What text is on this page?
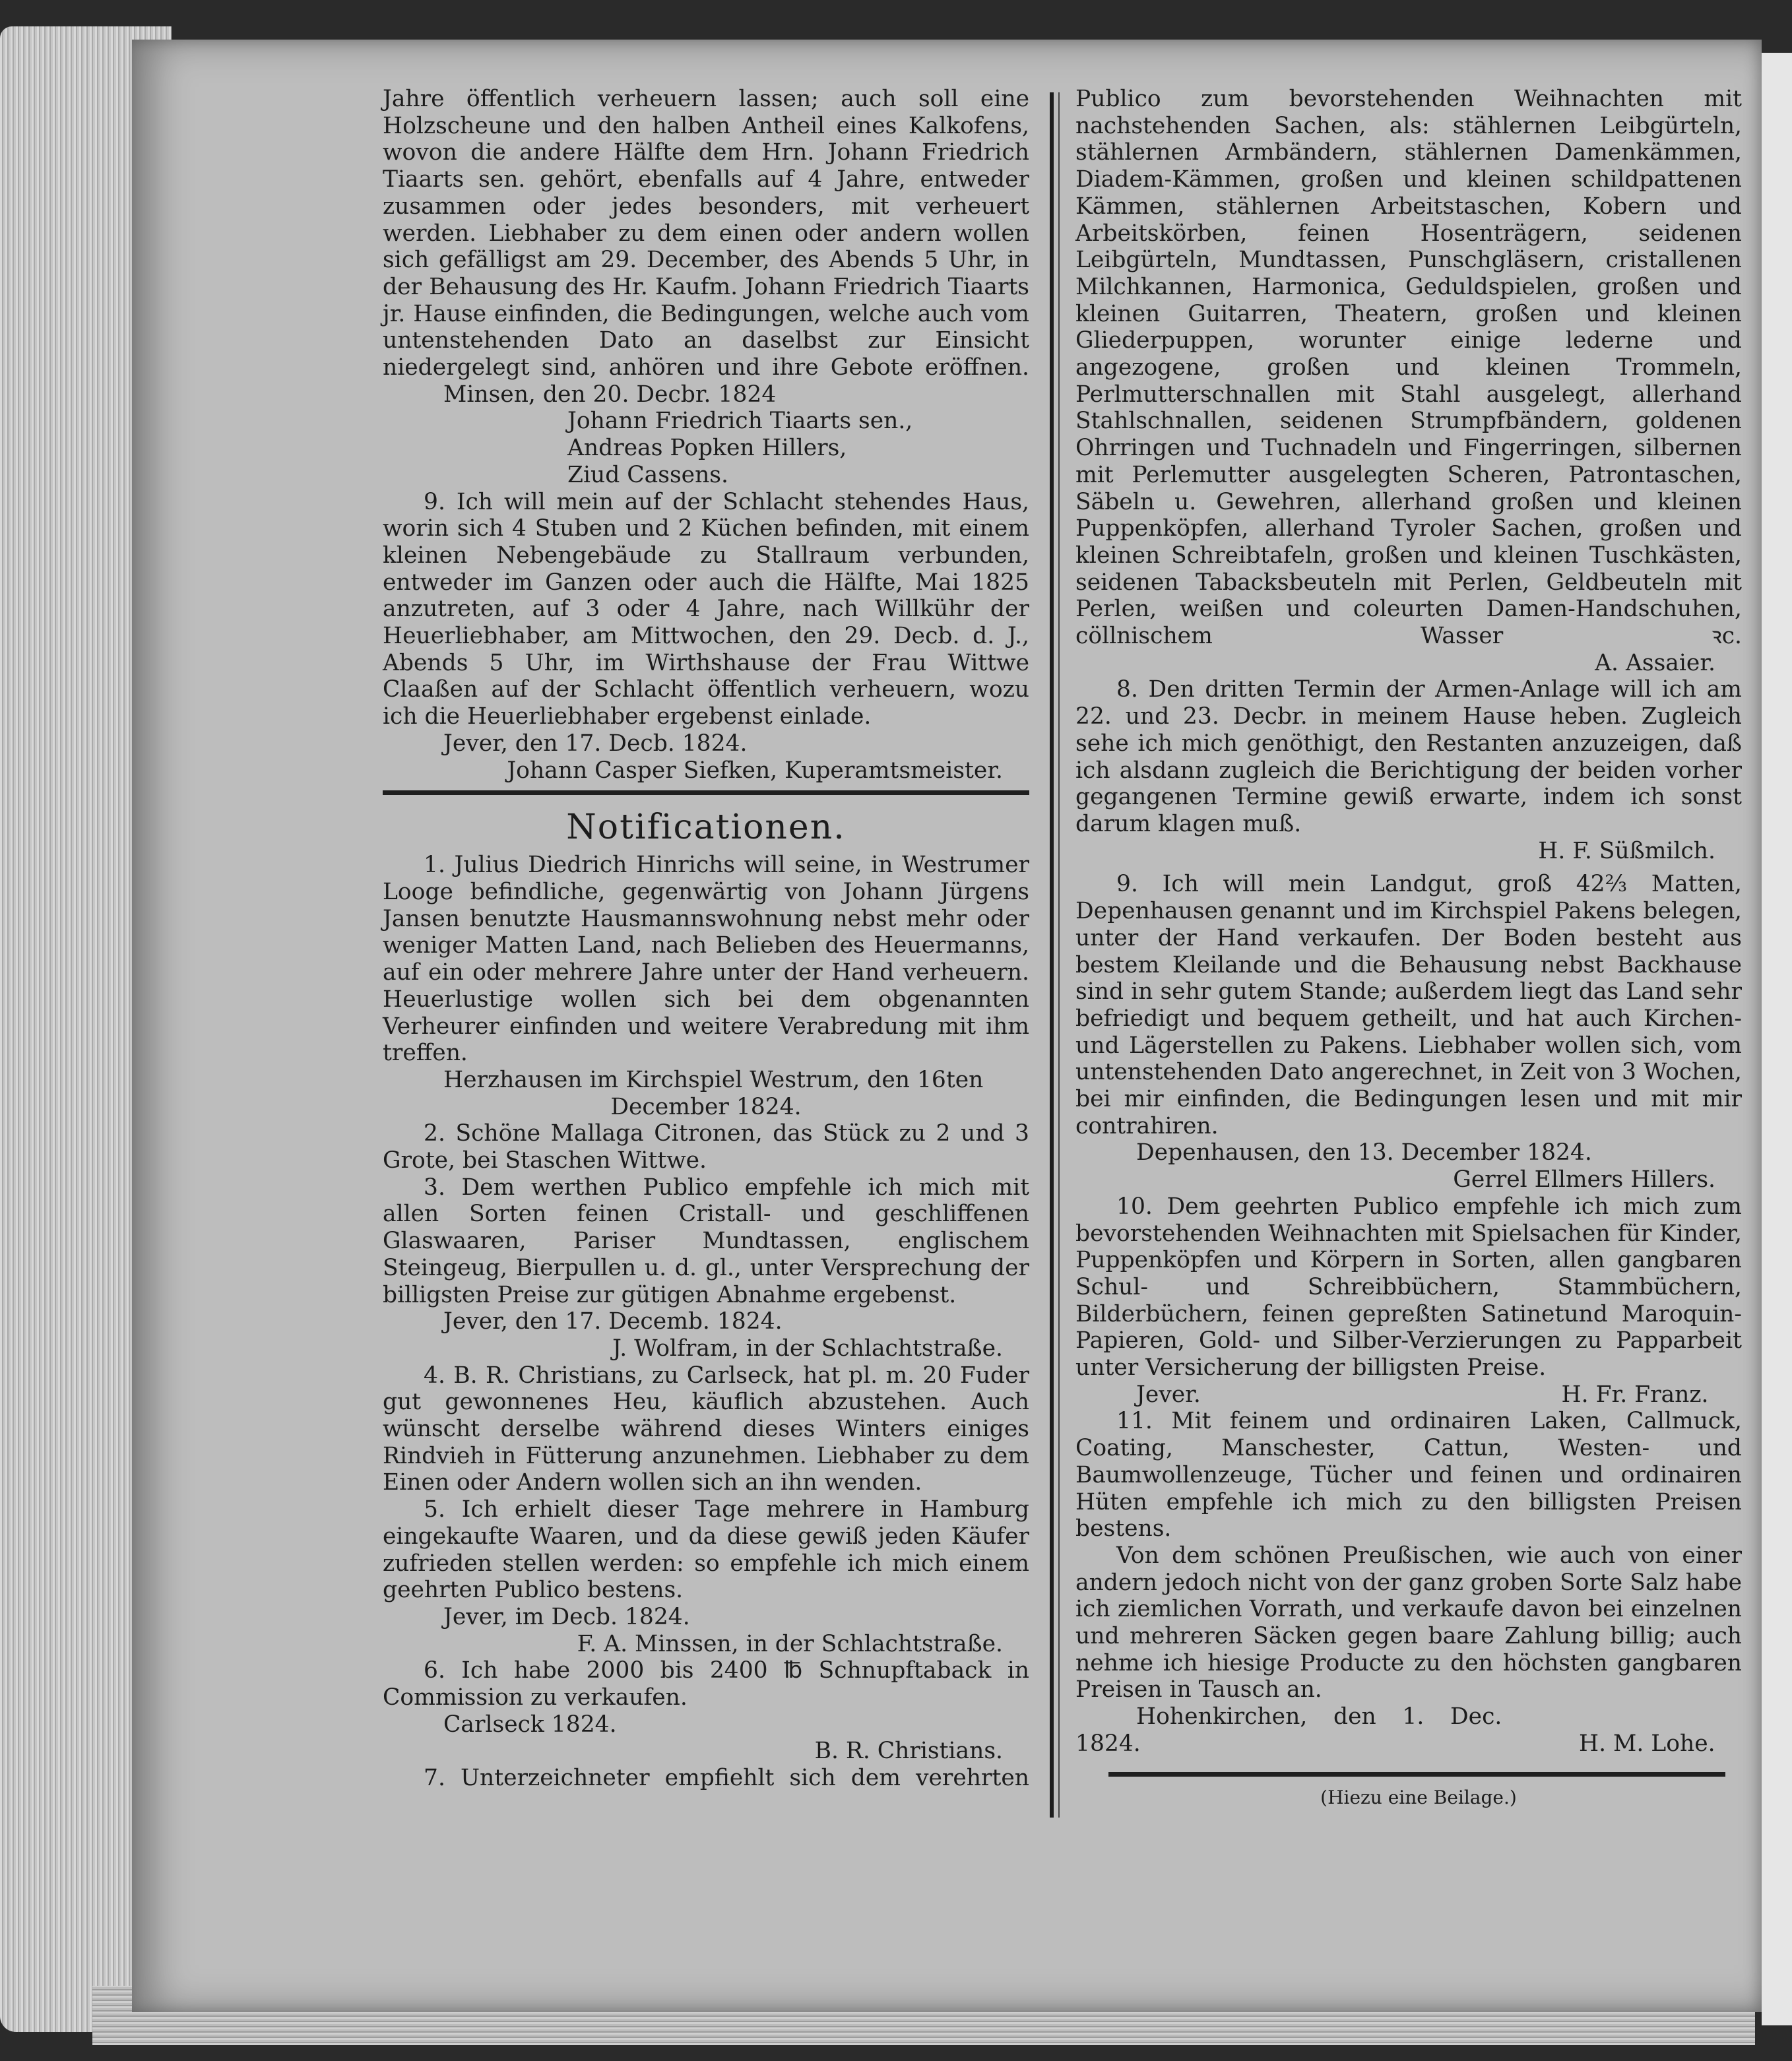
Jahre öffentlich verheuern lassen; auch soll eine Holzscheune und den halben Antheil eines Kalkofens, wovon die andere Hälfte dem Hrn. Johann Friedrich Tiaarts sen. gehört, ebenfalls auf 4 Jahre, entweder zusammen oder jedes besonders, mit verheuert werden. Liebhaber zu dem einen oder andern wollen sich gefälligst am 29. December, des Abends 5 Uhr, in der Behausung des Hr. Kaufm. Johann Friedrich Tiaarts jr. Hause einfinden, die Bedingungen, welche auch vom untenstehenden Dato an daselbst zur Einsicht niedergelegt sind, anhören und ihre Gebote eröffnen.

Minsen, den 20. Decbr. 1824

Johann Friedrich Tiaarts sen.,

Andreas Popken Hillers,

Ziud Cassens.

9. Ich will mein auf der Schlacht stehendes Haus, worin sich 4 Stuben und 2 Küchen befinden, mit einem kleinen Nebengebäude zu Stallraum verbunden, entweder im Ganzen oder auch die Hälfte, Mai 1825 anzutreten, auf 3 oder 4 Jahre, nach Willkühr der Heuerliebhaber, am Mittwochen, den 29. Decb. d. J., Abends 5 Uhr, im Wirthshause der Frau Wittwe Claaßen auf der Schlacht öffentlich verheuern, wozu ich die Heuerliebhaber ergebenst einlade.

Jever, den 17. Decb. 1824.

Johann Casper Siefken, Kuperamtsmeister.

Notificationen.

1. Julius Diedrich Hinrichs will seine, in Westrumer Looge befindliche, gegenwärtig von Johann Jürgens Jansen benutzte Hausmannswohnung nebst mehr oder weniger Matten Land, nach Belieben des Heuermanns, auf ein oder mehrere Jahre unter der Hand verheuern. Heuerlustige wollen sich bei dem obgenannten Verheurer einfinden und weitere Verabredung mit ihm treffen.

Herzhausen im Kirchspiel Westrum, den 16ten

December 1824.

2. Schöne Mallaga Citronen, das Stück zu 2 und 3 Grote, bei Staschen Wittwe.

3. Dem werthen Publico empfehle ich mich mit allen Sorten feinen Cristall- und geschliffenen Glaswaaren, Pariser Mundtassen, englischem Steingeug, Bierpullen u. d. gl., unter Versprechung der billigsten Preise zur gütigen Abnahme ergebenst.

Jever, den 17. Decemb. 1824.

J. Wolfram, in der Schlachtstraße.

4. B. R. Christians, zu Carlseck, hat pl. m. 20 Fuder gut gewonnenes Heu, käuflich abzustehen. Auch wünscht derselbe während dieses Winters einiges Rindvieh in Fütterung anzunehmen. Liebhaber zu dem Einen oder Andern wollen sich an ihn wenden.

5. Ich erhielt dieser Tage mehrere in Hamburg eingekaufte Waaren, und da diese gewiß jeden Käufer zufrieden stellen werden: so empfehle ich mich einem geehrten Publico bestens.

Jever, im Decb. 1824.

F. A. Minssen, in der Schlachtstraße.

6. Ich habe 2000 bis 2400 ℔ Schnupftaback in Commission zu verkaufen.

Carlseck 1824.

B. R. Christians.

7. Unterzeichneter empfiehlt sich dem verehrten

Publico zum bevorstehenden Weihnachten mit nachstehenden Sachen, als: stählernen Leibgürteln, stählernen Armbändern, stählernen Damenkämmen, Diadem-Kämmen, großen und kleinen schildpattenen Kämmen, stählernen Arbeitstaschen, Kobern und Arbeitskörben, feinen Hosenträgern, seidenen Leibgürteln, Mundtassen, Punschgläsern, cristallenen Milchkannen, Harmonica, Geduldspielen, großen und kleinen Guitarren, Theatern, großen und kleinen Gliederpuppen, worunter einige lederne und angezogene, großen und kleinen Trommeln, Perlmutterschnallen mit Stahl ausgelegt, allerhand Stahlschnallen, seidenen Strumpfbändern, goldenen Ohrringen und Tuchnadeln und Fingerringen, silbernen mit Perlemutter ausgelegten Scheren, Patrontaschen, Säbeln u. Gewehren, allerhand großen und kleinen Puppenköpfen, allerhand Tyroler Sachen, großen und kleinen Schreibtafeln, großen und kleinen Tuschkästen, seidenen Tabacksbeuteln mit Perlen, Geldbeuteln mit Perlen, weißen und coleurten Damen-Handschuhen, cöllnischem Wasser ꝛc.

A. Assaier.

8. Den dritten Termin der Armen-Anlage will ich am 22. und 23. Decbr. in meinem Hause heben. Zugleich sehe ich mich genöthigt, den Restanten anzuzeigen, daß ich alsdann zugleich die Berichtigung der beiden vorher gegangenen Termine gewiß erwarte, indem ich sonst darum klagen muß.

H. F. Süßmilch.

9. Ich will mein Landgut, groß 42²⁄₃ Matten, Depenhausen genannt und im Kirchspiel Pakens belegen, unter der Hand verkaufen. Der Boden besteht aus bestem Kleilande und die Behausung nebst Backhause sind in sehr gutem Stande; außerdem liegt das Land sehr befriedigt und bequem getheilt, und hat auch Kirchen- und Lägerstellen zu Pakens. Liebhaber wollen sich, vom untenstehenden Dato angerechnet, in Zeit von 3 Wochen, bei mir einfinden, die Bedingungen lesen und mit mir contrahiren.

Depenhausen, den 13. December 1824.

Gerrel Ellmers Hillers.

10. Dem geehrten Publico empfehle ich mich zum bevorstehenden Weihnachten mit Spielsachen für Kinder, Puppenköpfen und Körpern in Sorten, allen gangbaren Schul- und Schreibbüchern, Stammbüchern, Bilderbüchern, feinen gepreßten Satinetund Maroquin-Papieren, Gold- und Silber-Verzierungen zu Papparbeit unter Versicherung der billigsten Preise.

Jever.	H. Fr. Franz.

11. Mit feinem und ordinairen Laken, Callmuck, Coating, Manschester, Cattun, Westen- und Baumwollenzeuge, Tücher und feinen und ordinairen Hüten empfehle ich mich zu den billigsten Preisen bestens.

Von dem schönen Preußischen, wie auch von einer andern jedoch nicht von der ganz groben Sorte Salz habe ich ziemlichen Vorrath, und verkaufe davon bei einzelnen und mehreren Säcken gegen baare Zahlung billig; auch nehme ich hiesige Producte zu den höchsten gangbaren Preisen in Tausch an.

Hohenkirchen, den 1. Dec. 1824.	H. M. Lohe.

(Hiezu eine Beilage.)
